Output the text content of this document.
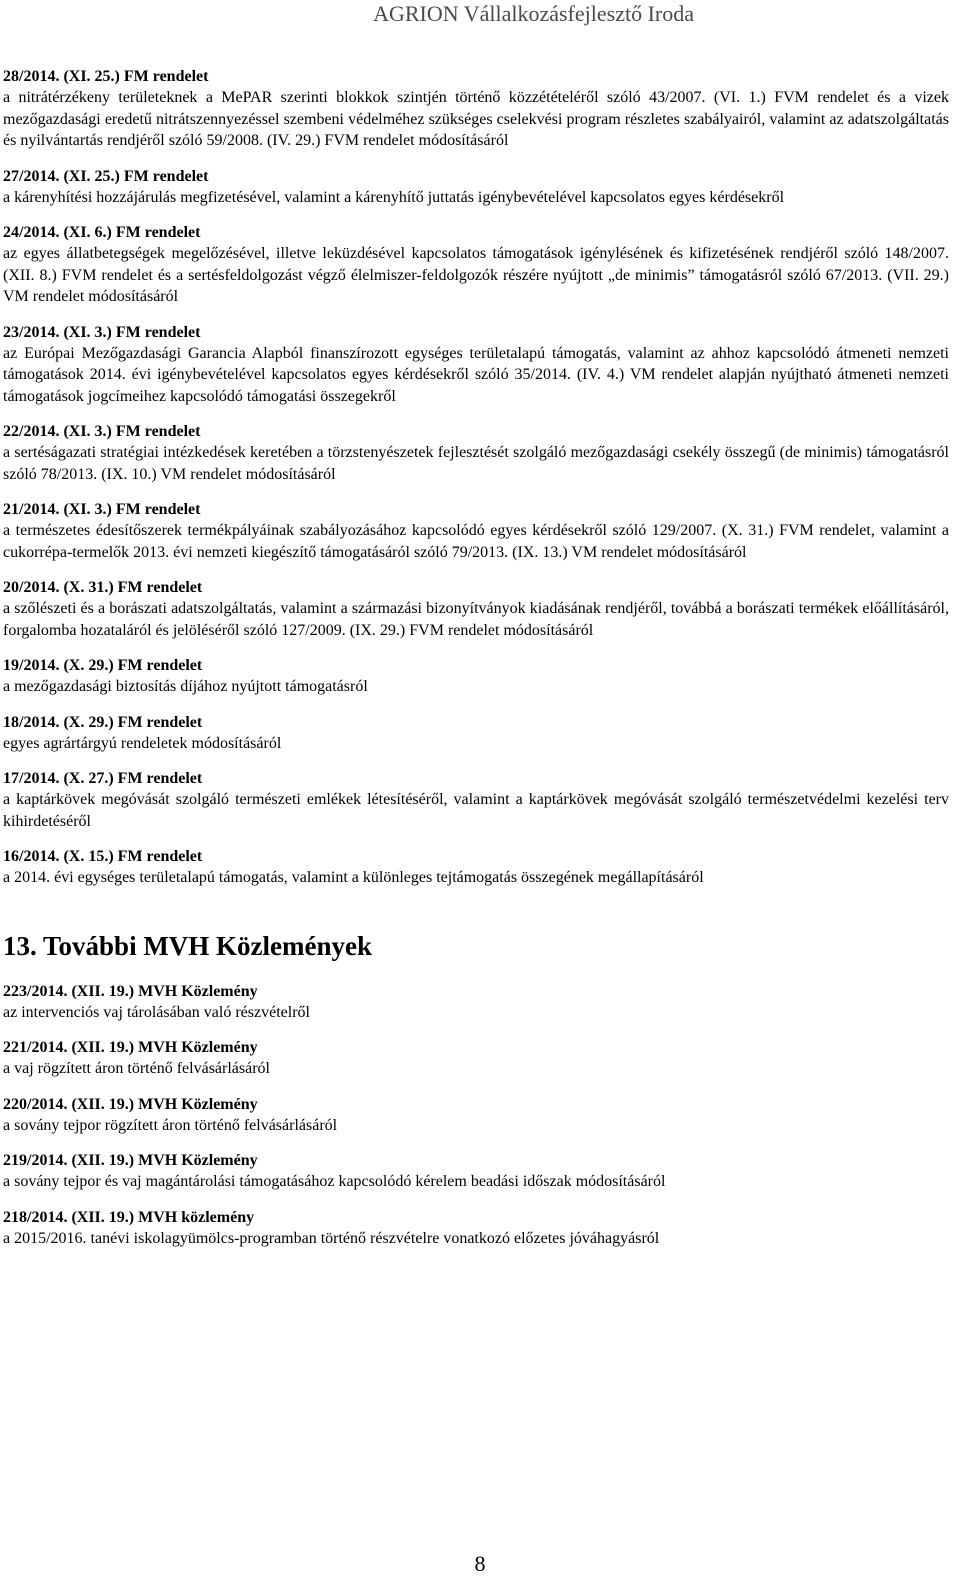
AGRION Vállalkozásfejlesztő Iroda
28/2014. (XI. 25.) FM rendelet
a nitrátérzékeny területeknek a MePAR szerinti blokkok szintjén történő közzétételéről szóló 43/2007. (VI. 1.) FVM rendelet és a vizek mezőgazdasági eredetű nitrátszennyezéssel szembeni védelméhez szükséges cselekvési program részletes szabályairól, valamint az adatszolgáltatás és nyilvántartás rendjéről szóló 59/2008. (IV. 29.) FVM rendelet módosításáról
27/2014. (XI. 25.) FM rendelet
a kárenyhítési hozzájárulás megfizetésével, valamint a kárenyhítő juttatás igénybevételével kapcsolatos egyes kérdésekről
24/2014. (XI. 6.) FM rendelet
az egyes állatbetegségek megelőzésével, illetve leküzdésével kapcsolatos támogatások igénylésének és kifizetésének rendjéről szóló 148/2007. (XII. 8.) FVM rendelet és a sertésfeldolgozást végző élelmiszer-feldolgozók részére nyújtott „de minimis” támogatásról szóló 67/2013. (VII. 29.) VM rendelet módosításáról
23/2014. (XI. 3.) FM rendelet
az Európai Mezőgazdasági Garancia Alapból finanszírozott egységes területalapú támogatás, valamint az ahhoz kapcsolódó átmeneti nemzeti támogatások 2014. évi igénybevételével kapcsolatos egyes kérdésekről szóló 35/2014. (IV. 4.) VM rendelet alapján nyújtható átmeneti nemzeti támogatások jogcímeihez kapcsolódó támogatási összegekről
22/2014. (XI. 3.) FM rendelet
a sertéságazati stratégiai intézkedések keretében a törzstenyészetek fejlesztését szolgáló mezőgazdasági csekély összegű (de minimis) támogatásról szóló 78/2013. (IX. 10.) VM rendelet módosításáról
21/2014. (XI. 3.) FM rendelet
a természetes édesítőszerek termékpályáinak szabályozásához kapcsolódó egyes kérdésekről szóló 129/2007. (X. 31.) FVM rendelet, valamint a cukorrépa-termelők 2013. évi nemzeti kiegészítő támogatásáról szóló 79/2013. (IX. 13.) VM rendelet módosításáról
20/2014. (X. 31.) FM rendelet
a szőlészeti és a borászati adatszolgáltatás, valamint a származási bizonyítványok kiadásának rendjéről, továbbá a borászati termékek előállításáról, forgalomba hozataláról és jelöléséről szóló 127/2009. (IX. 29.) FVM rendelet módosításáról
19/2014. (X. 29.) FM rendelet
a mezőgazdasági biztosítás díjához nyújtott támogatásról
18/2014. (X. 29.) FM rendelet
egyes agrártárgyú rendeletek módosításáról
17/2014. (X. 27.) FM rendelet
a kaptárkövek megóvását szolgáló természeti emlékek létesítéséről, valamint a kaptárkövek megóvását szolgáló természetvédelmi kezelési terv kihirdetéséről
16/2014. (X. 15.) FM rendelet
a 2014. évi egységes területalapú támogatás, valamint a különleges tejtámogatás összegének megállapításáról
13. További MVH Közlemények
223/2014. (XII. 19.) MVH Közlemény
az intervenciós vaj tárolásában való részvételről
221/2014. (XII. 19.) MVH Közlemény
a vaj rögzített áron történő felvásárlásáról
220/2014. (XII. 19.) MVH Közlemény
a sovány tejpor rögzített áron történő felvásárlásáról
219/2014. (XII. 19.) MVH Közlemény
a sovány tejpor és vaj magántárolási támogatásához kapcsolódó kérelem beadási időszak módosításáról
218/2014. (XII. 19.) MVH közlemény
a 2015/2016. tanévi iskolagyümölcs-programban történő részvételre vonatkozó előzetes jóváhagyásról
8
